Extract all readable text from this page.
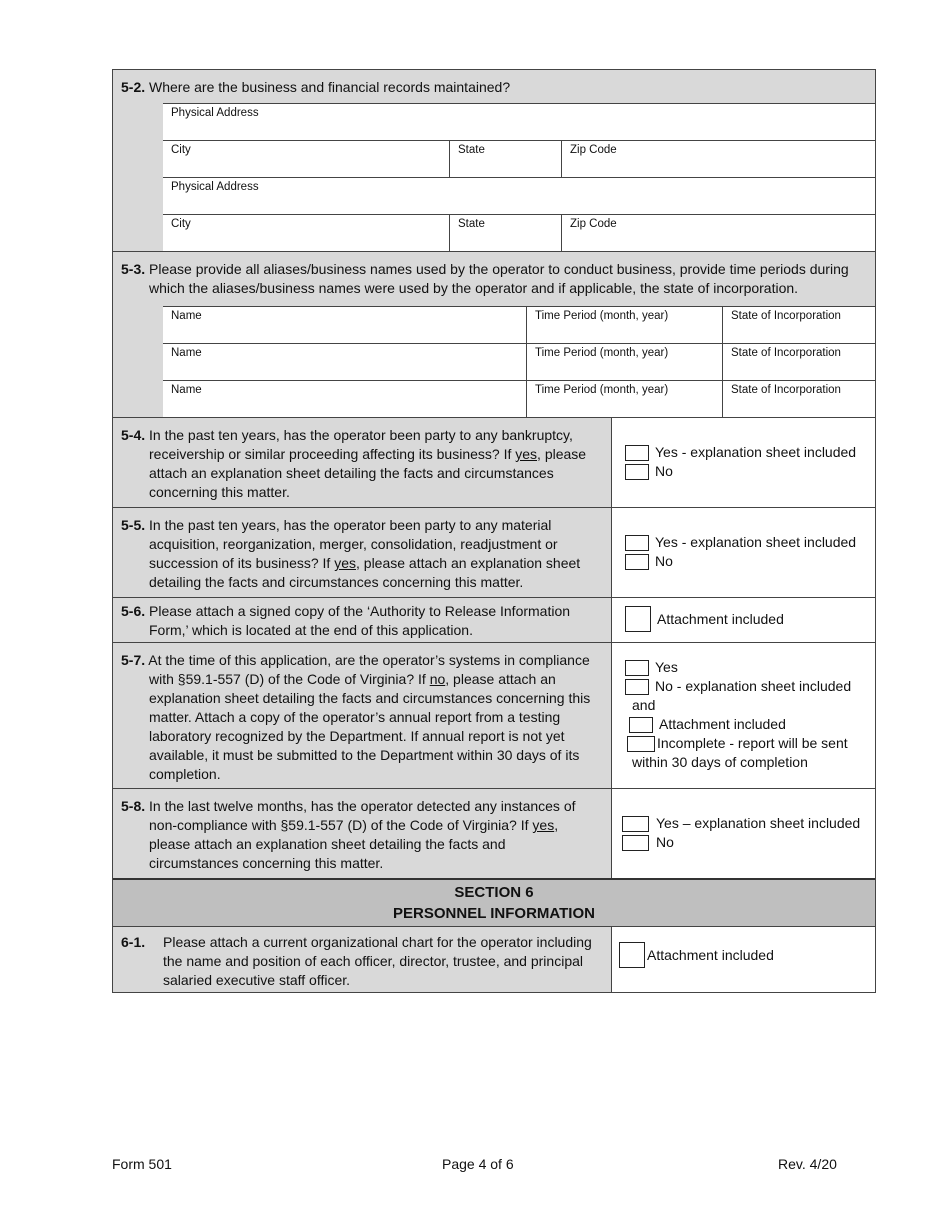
5-2. Where are the business and financial records maintained?
Physical Address
City	State	Zip Code
Physical Address
City	State	Zip Code
5-3. Please provide all aliases/business names used by the operator to conduct business, provide time periods during which the aliases/business names were used by the operator and if applicable, the state of incorporation.
Name	Time Period (month, year)	State of Incorporation
Name	Time Period (month, year)	State of Incorporation
Name	Time Period (month, year)	State of Incorporation
5-4. In the past ten years, has the operator been party to any bankruptcy, receivership or similar proceeding affecting its business? If yes, please attach an explanation sheet detailing the facts and circumstances concerning this matter.
Yes - explanation sheet included
No
5-5. In the past ten years, has the operator been party to any material acquisition, reorganization, merger, consolidation, readjustment or succession of its business? If yes, please attach an explanation sheet detailing the facts and circumstances concerning this matter.
Yes - explanation sheet included
No
5-6. Please attach a signed copy of the ‘Authority to Release Information Form,’ which is located at the end of this application.
Attachment included
5-7. At the time of this application, are the operator’s systems in compliance with §59.1-557 (D) of the Code of Virginia? If no, please attach an explanation sheet detailing the facts and circumstances concerning this matter. Attach a copy of the operator’s annual report from a testing laboratory recognized by the Department. If annual report is not yet available, it must be submitted to the Department within 30 days of its completion.
Yes
No - explanation sheet included
and
Attachment included
Incomplete - report will be sent
within 30 days of completion
5-8. In the last twelve months, has the operator detected any instances of non-compliance with §59.1-557 (D) of the Code of Virginia? If yes, please attach an explanation sheet detailing the facts and circumstances concerning this matter.
Yes – explanation sheet included
No
SECTION 6
PERSONNEL INFORMATION
6-1.	Please attach a current organizational chart for the operator including the name and position of each officer, director, trustee, and principal salaried executive staff officer.
Attachment included
Form 501	Page 4 of 6	Rev. 4/20
